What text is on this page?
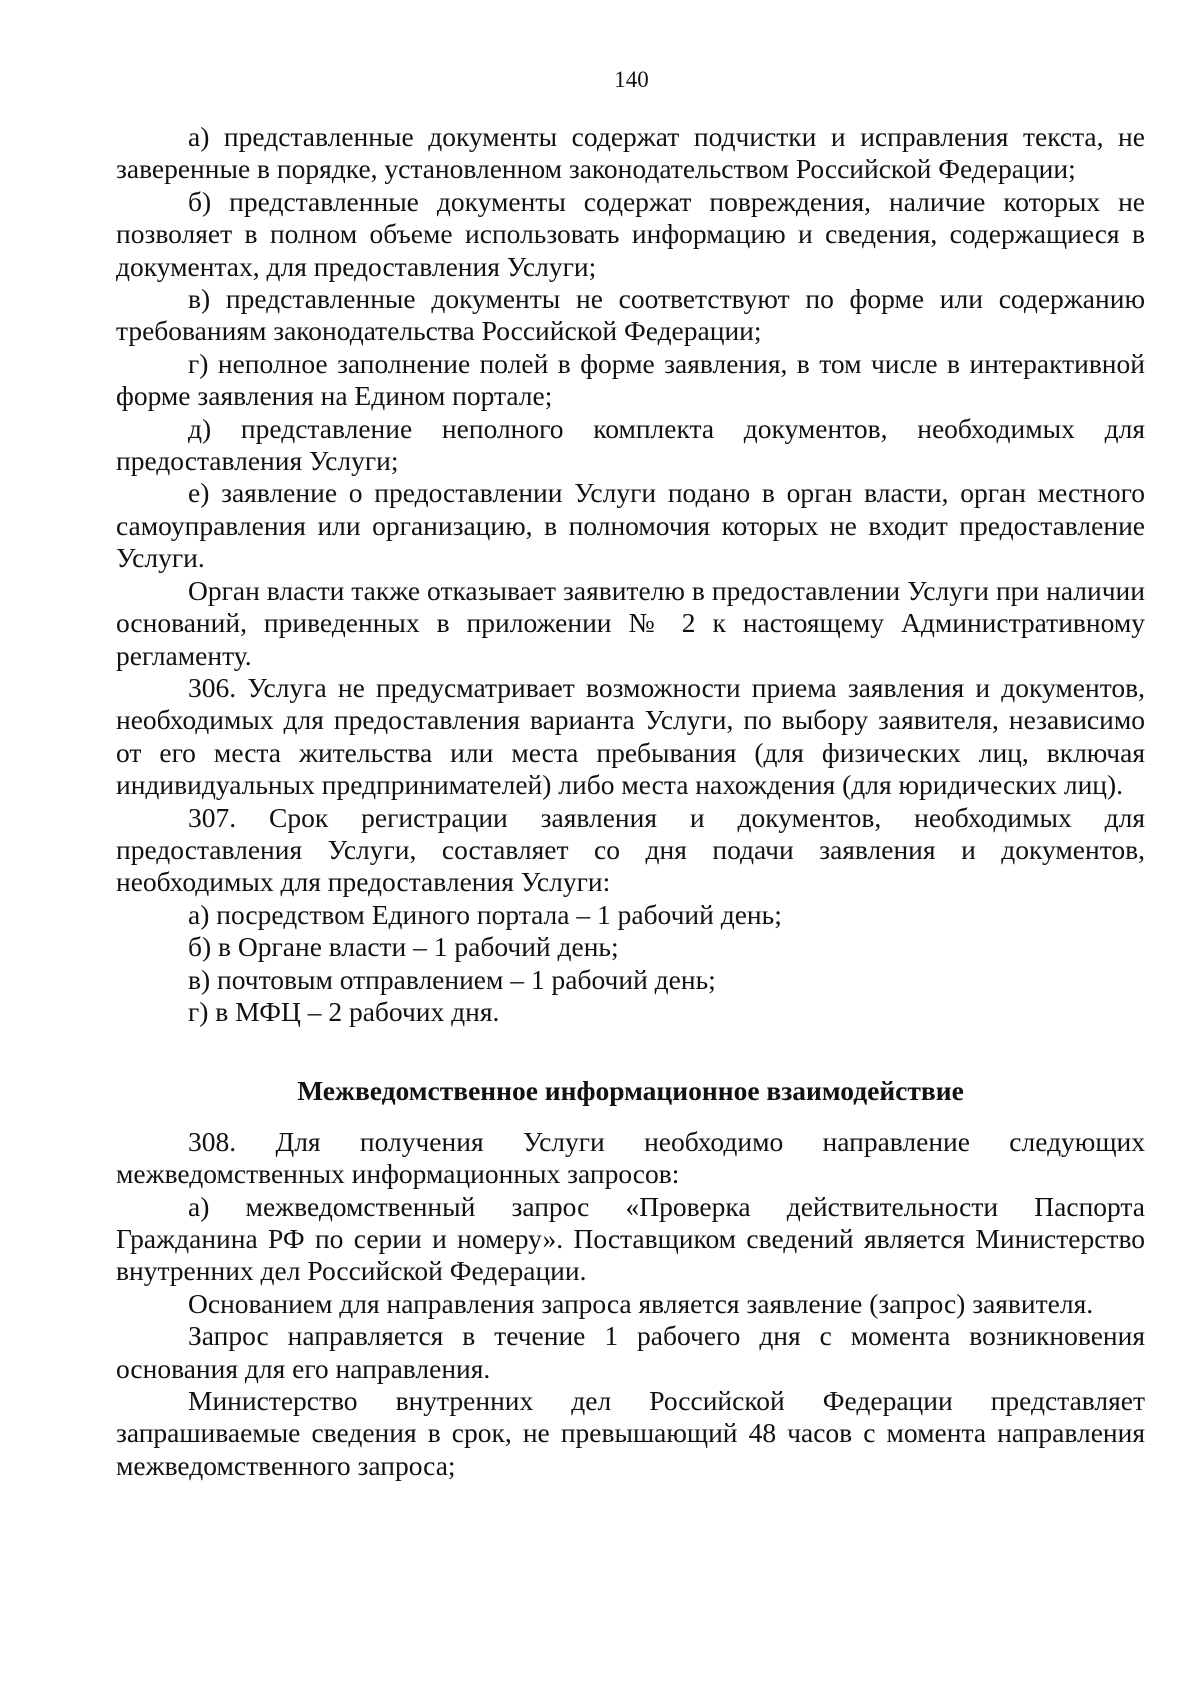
140

а) представленные документы содержат подчистки и исправления текста, не заверенные в порядке, установленном законодательством Российской Федерации;

б) представленные документы содержат повреждения, наличие которых не позволяет в полном объеме использовать информацию и сведения, содержащиеся в документах, для предоставления Услуги;

в) представленные документы не соответствуют по форме или содержанию требованиям законодательства Российской Федерации;

г) неполное заполнение полей в форме заявления, в том числе в интерактивной форме заявления на Едином портале;

д) представление неполного комплекта документов, необходимых для предоставления Услуги;

е) заявление о предоставлении Услуги подано в орган власти, орган местного самоуправления или организацию, в полномочия которых не входит предоставление Услуги.

Орган власти также отказывает заявителю в предоставлении Услуги при наличии оснований, приведенных в приложении № 2 к настоящему Административному регламенту.

306. Услуга не предусматривает возможности приема заявления и документов, необходимых для предоставления варианта Услуги, по выбору заявителя, независимо от его места жительства или места пребывания (для физических лиц, включая индивидуальных предпринимателей) либо места нахождения (для юридических лиц).

307. Срок регистрации заявления и документов, необходимых для предоставления Услуги, составляет со дня подачи заявления и документов, необходимых для предоставления Услуги:

а) посредством Единого портала – 1 рабочий день;

б) в Органе власти – 1 рабочий день;

в) почтовым отправлением – 1 рабочий день;

г) в МФЦ – 2 рабочих дня.

Межведомственное информационное взаимодействие

308. Для получения Услуги необходимо направление следующих межведомственных информационных запросов:

а) межведомственный запрос «Проверка действительности Паспорта Гражданина РФ по серии и номеру». Поставщиком сведений является Министерство внутренних дел Российской Федерации.

Основанием для направления запроса является заявление (запрос) заявителя.

Запрос направляется в течение 1 рабочего дня с момента возникновения основания для его направления.

Министерство внутренних дел Российской Федерации представляет запрашиваемые сведения в срок, не превышающий 48 часов с момента направления межведомственного запроса;
